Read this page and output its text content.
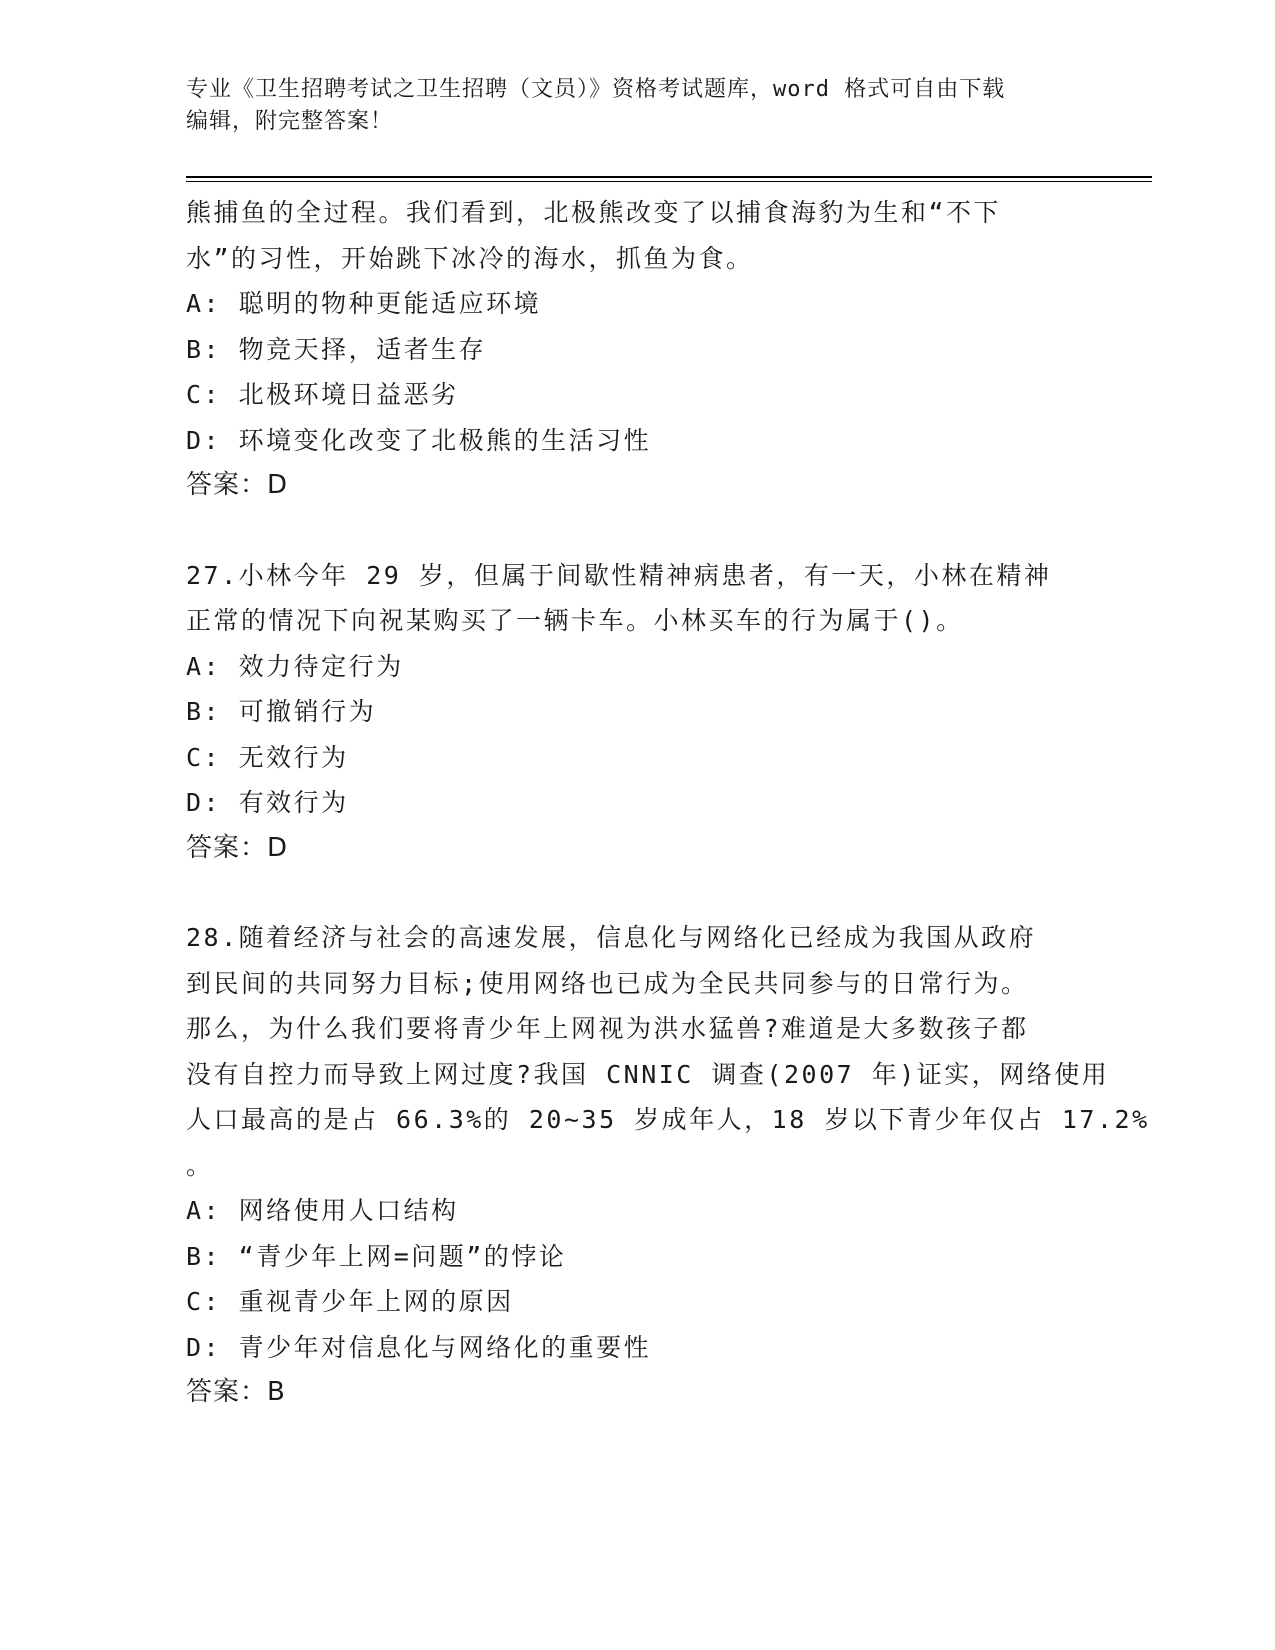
专业《卫生招聘考试之卫生招聘（文员）》资格考试题库，word 格式可自由下载
编辑，附完整答案！
熊捕鱼的全过程。我们看到，北极熊改变了以捕食海豹为生和“不下
水”的习性，开始跳下冰冷的海水，抓鱼为食。
A: 聪明的物种更能适应环境
B: 物竞天择，适者生存
C: 北极环境日益恶劣
D: 环境变化改变了北极熊的生活习性
答案：D
27.小林今年 29 岁，但属于间歇性精神病患者，有一天，小林在精神
正常的情况下向祝某购买了一辆卡车。小林买车的行为属于()。
A: 效力待定行为
B: 可撤销行为
C: 无效行为
D: 有效行为
答案：D
28.随着经济与社会的高速发展，信息化与网络化已经成为我国从政府
到民间的共同努力目标;使用网络也已成为全民共同参与的日常行为。
那么，为什么我们要将青少年上网视为洪水猛兽?难道是大多数孩子都
没有自控力而导致上网过度?我国 CNNIC 调查(2007 年)证实，网络使用
人口最高的是占 66.3%的 20~35 岁成年人，18 岁以下青少年仅占 17.2%
。
A: 网络使用人口结构
B: “青少年上网=问题”的悖论
C: 重视青少年上网的原因
D: 青少年对信息化与网络化的重要性
答案：B
